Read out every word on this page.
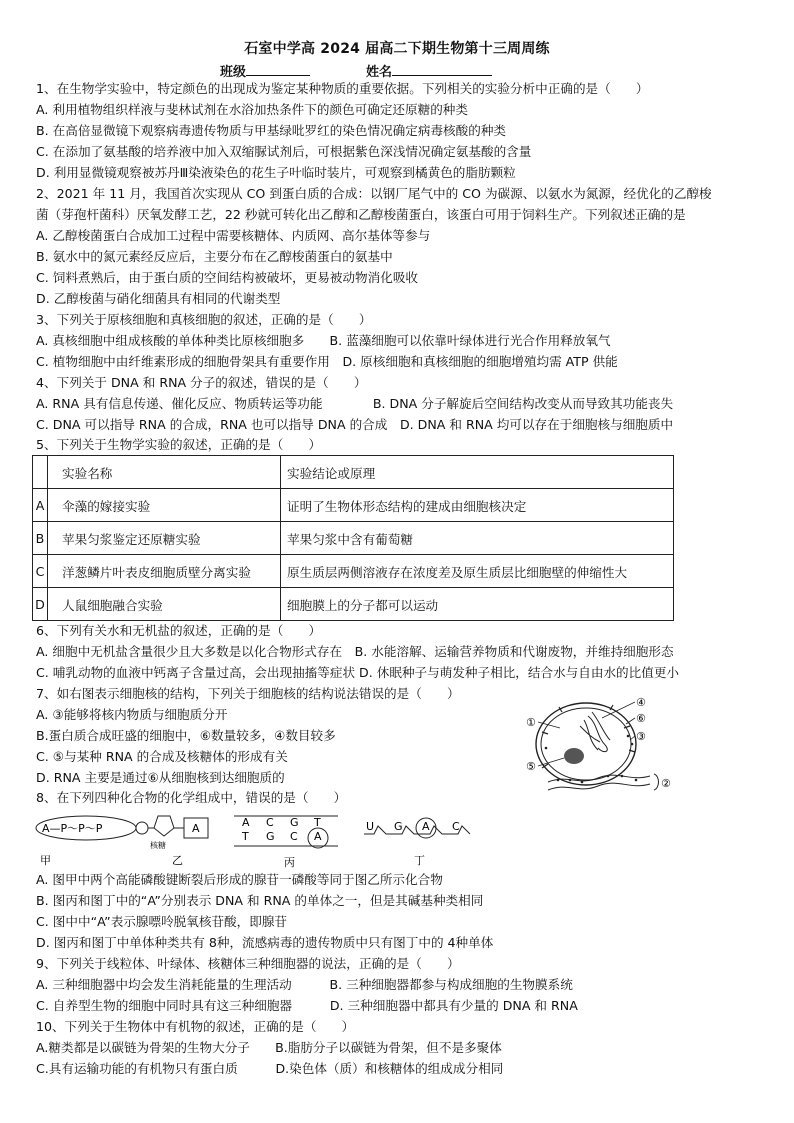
石室中学高 2024 届高二下期生物第十三周周练
班级	姓名
1、在生物学实验中，特定颜色的出现成为鉴定某种物质的重要依据。下列相关的实验分析中正确的是（　　）
A. 利用植物组织样液与斐林试剂在水浴加热条件下的颜色可确定还原糖的种类
B. 在高倍显微镜下观察病毒遗传物质与甲基绿吡罗红的染色情况确定病毒核酸的种类
C. 在添加了氨基酸的培养液中加入双缩脲试剂后，可根据紫色深浅情况确定氨基酸的含量
D. 利用显微镜观察被苏丹Ⅲ染液染色的花生子叶临时装片，可观察到橘黄色的脂肪颗粒
2、2021 年 11 月，我国首次实现从 CO 到蛋白质的合成：以钢厂尾气中的 CO 为碳源、以氨水为氮源，经优化的乙醇梭
菌（芽孢杆菌科）厌氧发酵工艺，22 秒就可转化出乙醇和乙醇梭菌蛋白，该蛋白可用于饲料生产。下列叙述正确的是
A. 乙醇梭菌蛋白合成加工过程中需要核糖体、内质网、高尔基体等参与
B. 氨水中的氮元素经反应后，主要分布在乙醇梭菌蛋白的氨基中
C. 饲料煮熟后，由于蛋白质的空间结构被破坏，更易被动物消化吸收
D. 乙醇梭菌与硝化细菌具有相同的代谢类型
3、下列关于原核细胞和真核细胞的叙述，正确的是（　　）
A. 真核细胞中组成核酸的单体种类比原核细胞多　　B. 蓝藻细胞可以依靠叶绿体进行光合作用释放氧气
C. 植物细胞中由纤维素形成的细胞骨架具有重要作用　D. 原核细胞和真核细胞的细胞增殖均需 ATP 供能
4、下列关于 DNA 和 RNA 分子的叙述，错误的是（　　）
A. RNA 具有信息传递、催化反应、物质转运等功能　　　　B. DNA 分子解旋后空间结构改变从而导致其功能丧失
C. DNA 可以指导 RNA 的合成，RNA 也可以指导 DNA 的合成　D. DNA 和 RNA 均可以存在于细胞核与细胞质中
5、下列关于生物学实验的叙述，正确的是（　　）
	实验名称	实验结论或原理
A	伞藻的嫁接实验	证明了生物体形态结构的建成由细胞核决定
B	苹果匀浆鉴定还原糖实验	苹果匀浆中含有葡萄糖
C	洋葱鳞片叶表皮细胞质壁分离实验	原生质层两侧溶液存在浓度差及原生质层比细胞壁的伸缩性大
D	人鼠细胞融合实验	细胞膜上的分子都可以运动
6、下列有关水和无机盐的叙述，正确的是（　　）
A. 细胞中无机盐含量很少且大多数是以化合物形式存在　B. 水能溶解、运输营养物质和代谢废物，并维持细胞形态
C. 哺乳动物的血液中钙离子含量过高，会出现抽搐等症状 D. 休眠种子与萌发种子相比，结合水与自由水的比值更小
7、如右图表示细胞核的结构，下列关于细胞核的结构说法错误的是（　　）
A. ③能够将核内物质与细胞质分开
B.蛋白质合成旺盛的细胞中，⑥数量较多，④数目较多
C. ⑤与某种 RNA 的合成及核糖体的形成有关
D. RNA 主要是通过⑥从细胞核到达细胞质的	②
①
④
⑥
③
⑤
8、在下列四种化合物的化学组成中，错误的是（　　）
A—P～P～P
甲
A
核糖
乙
A C G T
T G C A
丙
U G A C
丁
A. 图甲中两个高能磷酸键断裂后形成的腺苷一磷酸等同于图乙所示化合物
B. 图丙和图丁中的“A”分别表示 DNA 和 RNA 的单体之一，但是其碱基种类相同
C. 图中中“A”表示腺嘌呤脱氧核苷酸，即腺苷
D. 图丙和图丁中单体种类共有 8种，流感病毒的遗传物质中只有图丁中的 4种单体
9、下列关于线粒体、叶绿体、核糖体三种细胞器的说法，正确的是（　　）
A. 三种细胞器中均会发生消耗能量的生理活动　　　B. 三种细胞器都参与构成细胞的生物膜系统
C. 自养型生物的细胞中同时具有这三种细胞器　　　D. 三种细胞器中都具有少量的 DNA 和 RNA
10、下列关于生物体中有机物的叙述，正确的是（　　）
A.糖类都是以碳链为骨架的生物大分子　　B.脂肪分子以碳链为骨架，但不是多聚体
C.具有运输功能的有机物只有蛋白质　　　D.染色体（质）和核糖体的组成成分相同
